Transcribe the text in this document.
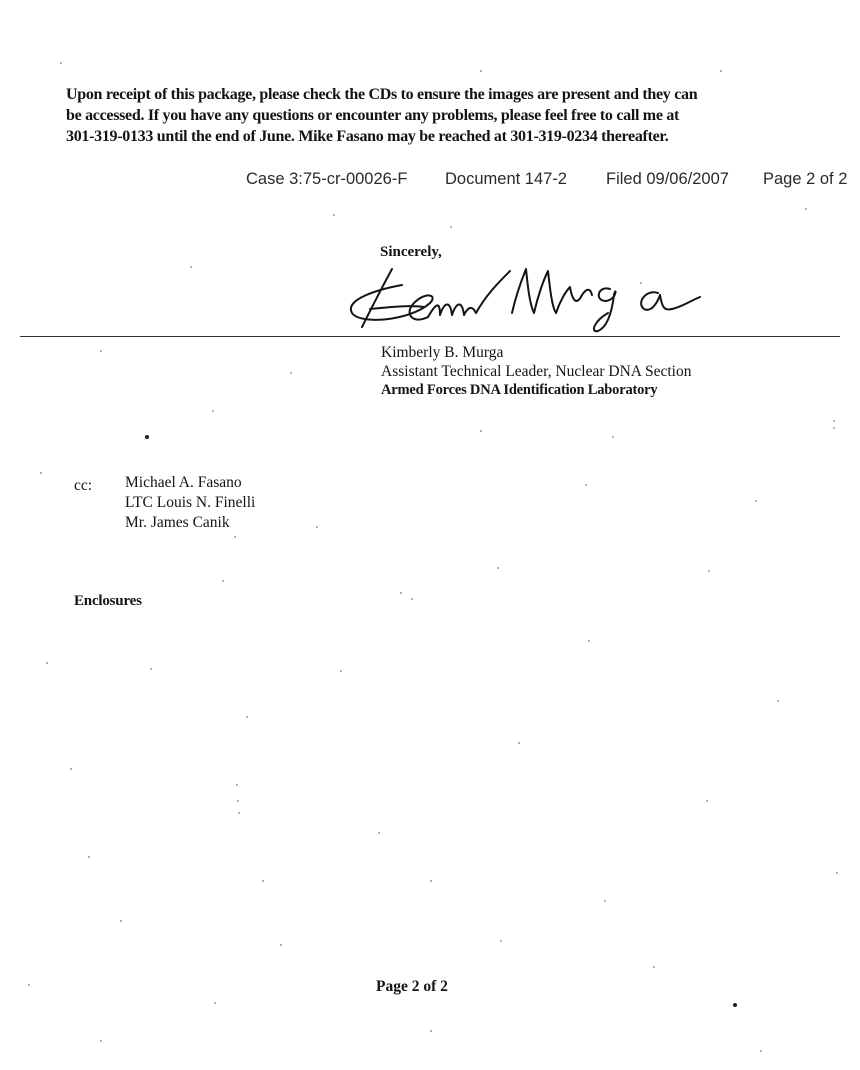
Upon receipt of this package, please check the CDs to ensure the images are present and they can
be accessed. If you have any questions or encounter any problems, please feel free to call me at
301-319-0133 until the end of June. Mike Fasano may be reached at 301-319-0234 thereafter.

Case 3:75-cr-00026-F Document 147-2 Filed 09/06/2007 Page 2 of 2
Sincerely,
Kimberly B. Murga
Assistant Technical Leader, Nuclear DNA Section
Armed Forces DNA Identification Laboratory
cc: Michael A. Fasano
LTC Louis N. Finelli
Mr. James Canik
Enclosures
Page 2 of 2
